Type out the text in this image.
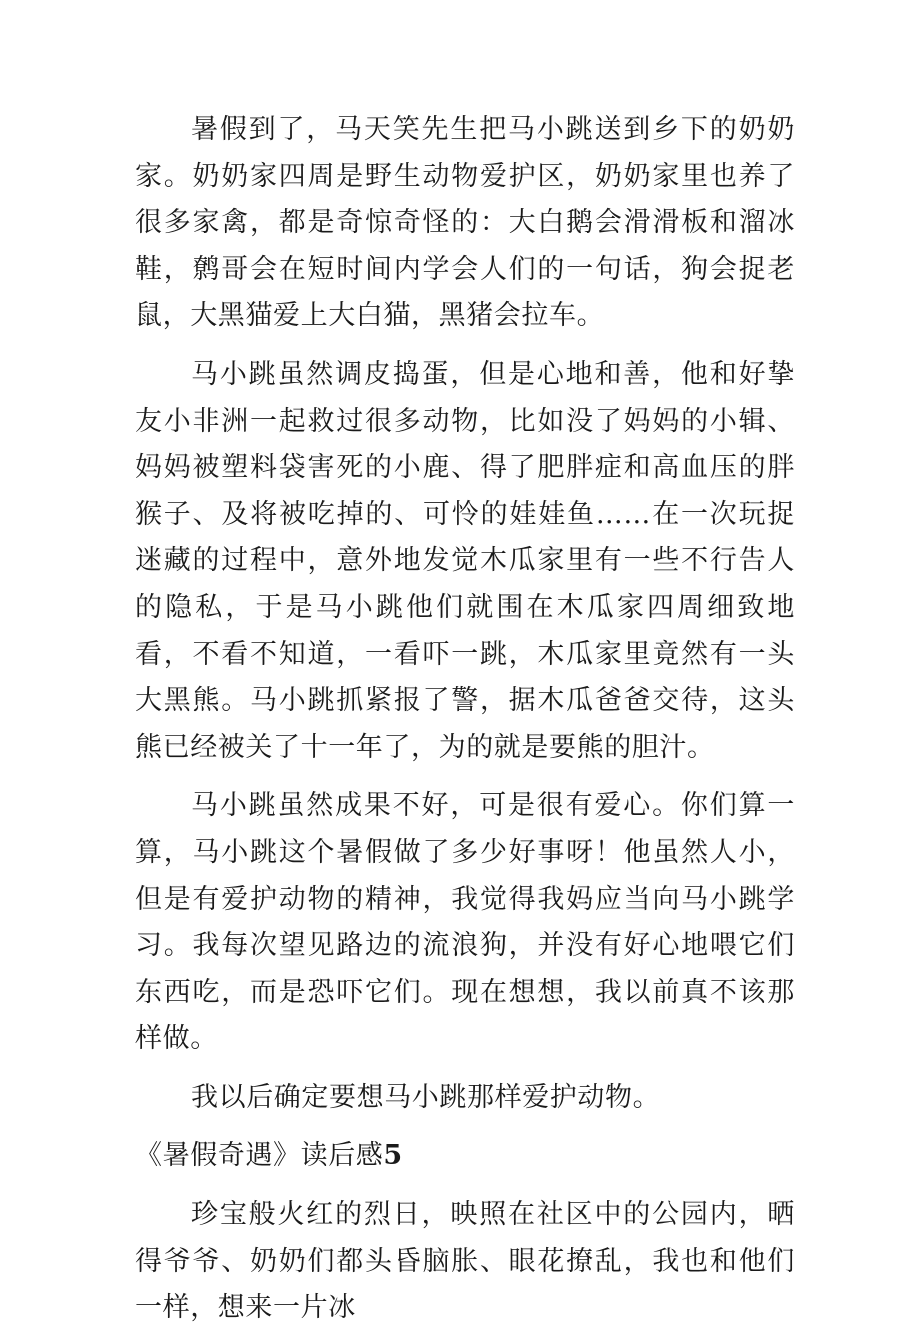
暑假到了，马天笑先生把马小跳送到乡下的奶奶家。奶奶家四周是野生动物爱护区，奶奶家里也养了很多家禽，都是奇惊奇怪的：大白鹅会滑滑板和溜冰鞋，鹩哥会在短时间内学会人们的一句话，狗会捉老鼠，大黑猫爱上大白猫，黑猪会拉车。

马小跳虽然调皮捣蛋，但是心地和善，他和好挚友小非洲一起救过很多动物，比如没了妈妈的小辑、妈妈被塑料袋害死的小鹿、得了肥胖症和高血压的胖猴子、及将被吃掉的、可怜的娃娃鱼……在一次玩捉迷藏的过程中，意外地发觉木瓜家里有一些不行告人的隐私，于是马小跳他们就围在木瓜家四周细致地看，不看不知道，一看吓一跳，木瓜家里竟然有一头大黑熊。马小跳抓紧报了警，据木瓜爸爸交待，这头熊已经被关了十一年了，为的就是要熊的胆汁。

马小跳虽然成果不好，可是很有爱心。你们算一算，马小跳这个暑假做了多少好事呀！他虽然人小，但是有爱护动物的精神，我觉得我妈应当向马小跳学习。我每次望见路边的流浪狗，并没有好心地喂它们东西吃，而是恐吓它们。现在想想，我以前真不该那样做。

我以后确定要想马小跳那样爱护动物。

《暑假奇遇》读后感5

珍宝般火红的烈日，映照在社区中的公园内，晒得爷爷、奶奶们都头昏脑胀、眼花撩乱，我也和他们一样，想来一片冰
